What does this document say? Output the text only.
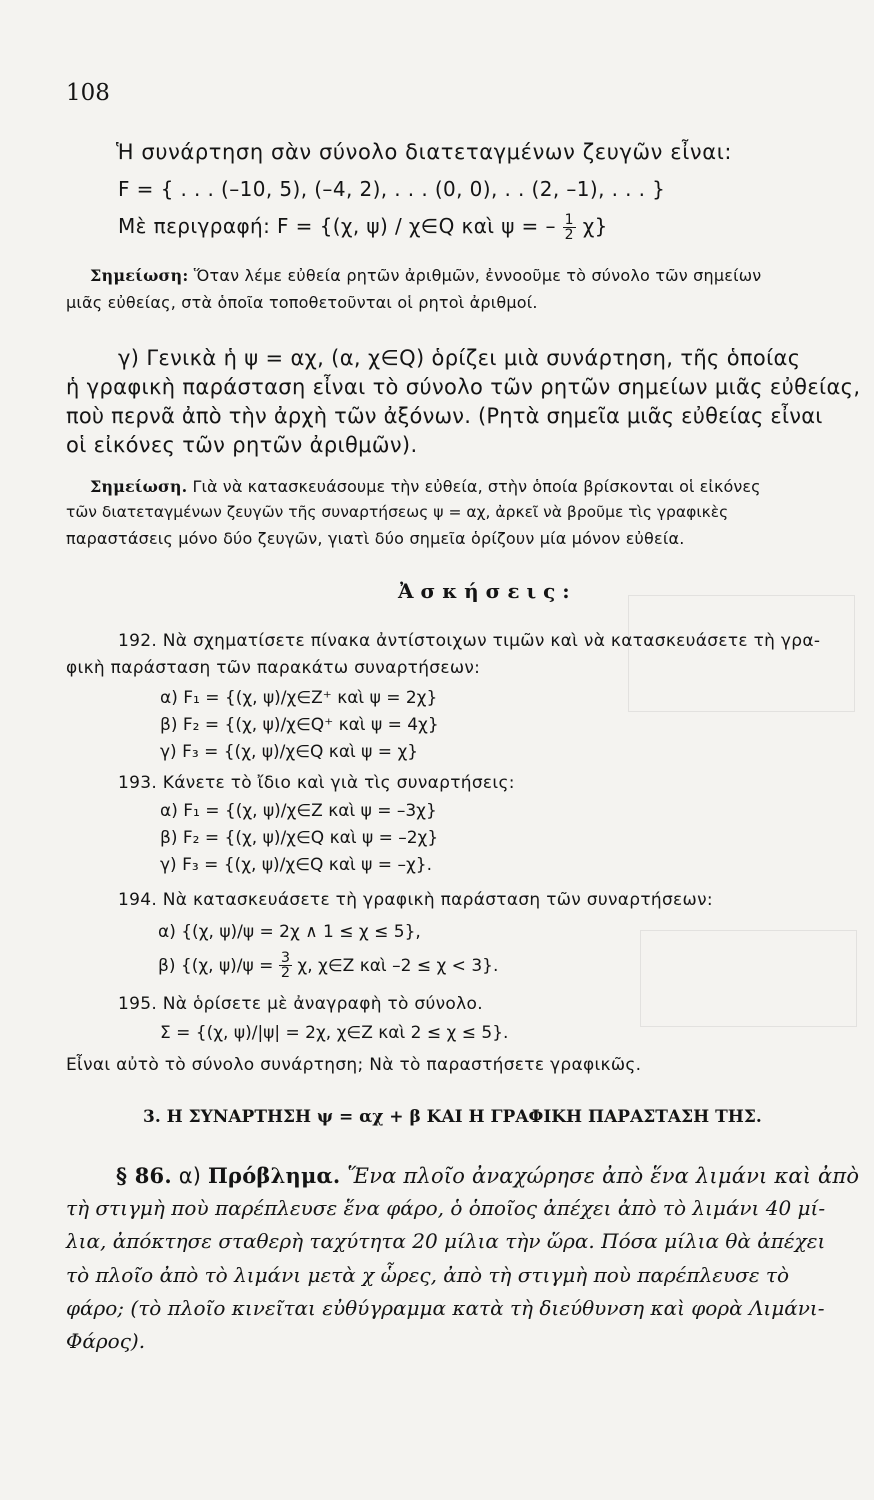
108
Ἡ συνάρτηση σὰν σύνολο διατεταγμένων ζευγῶν εἶναι:
F = { . . . (–10, 5), (–4, 2), . . . (0, 0), . . (2, –1), . . . }
Μὲ περιγραφή: F = {(χ, ψ) / χ∈Q καὶ ψ = – $\frac{1}{2} \chi$}
Σημείωση: Ὅταν λέμε εὐθεία ρητῶν ἀριθμῶν, ἐννοοῦμε τὸ σύνολο τῶν σημείων
μιᾶς εὐθείας, στὰ ὁποῖα τοποθετοῦνται οἱ ρητοὶ ἀριθμοί.
γ) Γενικὰ ἡ ψ = αχ, (α, χ∈Q) ὁρίζει μιὰ συνάρτηση, τῆς ὁποίας
ἡ γραφικὴ παράσταση εἶναι τὸ σύνολο τῶν ρητῶν σημείων μιᾶς εὐθείας,
ποὺ περνᾶ ἀπὸ τὴν ἀρχὴ τῶν ἀξόνων. (Ρητὰ σημεῖα μιᾶς εὐθείας εἶναι
οἱ εἰκόνες τῶν ρητῶν ἀριθμῶν).
Σημείωση. Γιὰ νὰ κατασκευάσουμε τὴν εὐθεία, στὴν ὁποία βρίσκονται οἱ εἰκόνες
τῶν διατεταγμένων ζευγῶν τῆς συναρτήσεως ψ = αχ, ἀρκεῖ νὰ βροῦμε τὶς γραφικὲς
παραστάσεις μόνο δύο ζευγῶν, γιατὶ δύο σημεῖα ὁρίζουν μία μόνον εὐθεία.
Ἀ σ κ ή σ ε ι ς :
192. Νὰ σχηματίσετε πίνακα ἀντίστοιχων τιμῶν καὶ νὰ κατασκευάσετε τὴ γρα-
φικὴ παράσταση τῶν παρακάτω συναρτήσεων:
α) F₁ = {(χ, ψ)/χ∈Z⁺ καὶ ψ = 2χ}
β) F₂ = {(χ, ψ)/χ∈Q⁺ καὶ ψ = 4χ}
γ) F₃ = {(χ, ψ)/χ∈Q καὶ ψ = χ}
193. Κάνετε τὸ ἴδιο καὶ γιὰ τὶς συναρτήσεις:
α) F₁ = {(χ, ψ)/χ∈Z καὶ ψ = –3χ}
β) F₂ = {(χ, ψ)/χ∈Q καὶ ψ = –2χ}
γ) F₃ = {(χ, ψ)/χ∈Q καὶ ψ = –χ}.
194. Νὰ κατασκευάσετε τὴ γραφικὴ παράσταση τῶν συναρτήσεων:
α) {(χ, ψ)/ψ = 2χ ∧ 1 ≤ χ ≤ 5},
β) {(χ, $\psi)/\psi = \frac{3}{2} \chi$, χ∈Z καὶ –2 ≤ χ < 3}.
195. Νὰ ὁρίσετε μὲ ἀναγραφὴ τὸ σύνολο.
Σ = {(χ, ψ)/|ψ| = 2χ, χ∈Z καὶ 2 ≤ χ ≤ 5}.
Εἶναι αὐτὸ τὸ σύνολο συνάρτηση; Νὰ τὸ παραστήσετε γραφικῶς.
3. Η ΣΥΝΑΡΤΗΣΗ ψ = αχ + β ΚΑΙ Η ΓΡΑΦΙΚΗ ΠΑΡΑΣΤΑΣΗ ΤΗΣ.
§ 86. α) Πρόβλημα. Ἕνα πλοῖο ἀναχώρησε ἀπὸ ἕνα λιμάνι καὶ ἀπὸ
τὴ στιγμὴ ποὺ παρέπλευσε ἕνα φάρο, ὁ ὁποῖος ἀπέχει ἀπὸ τὸ λιμάνι 40 μί-
λια, ἀπόκτησε σταθερὴ ταχύτητα 20 μίλια τὴν ὥρα. Πόσα μίλια θὰ ἀπέχει
τὸ πλοῖο ἀπὸ τὸ λιμάνι μετὰ χ ὧρες, ἀπὸ τὴ στιγμὴ ποὺ παρέπλευσε τὸ
φάρο; (τὸ πλοῖο κινεῖται εὐθύγραμμα κατὰ τὴ διεύθυνση καὶ φορὰ Λιμάνι-
Φάρος).
